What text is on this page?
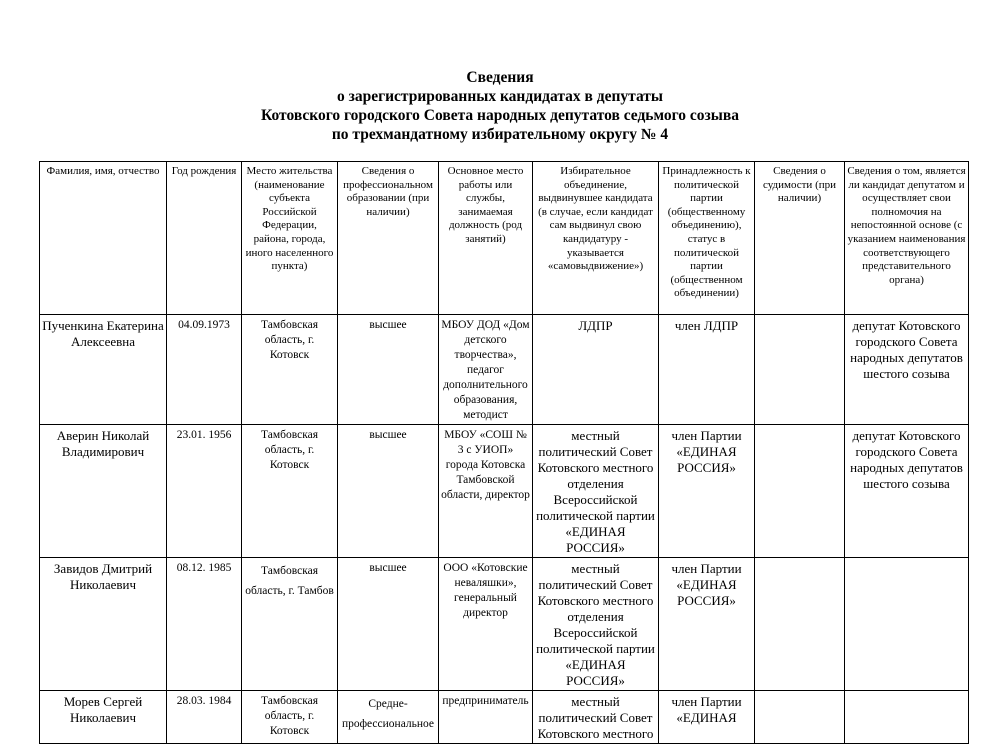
Сведения
о зарегистрированных кандидатах в депутаты
Котовского городского Совета народных депутатов седьмого созыва
по трехмандатному избирательному округу № 4
Фамилия, имя, отчество	Год рождения	Место жительства (наименование субъекта Российской Федерации, района, города, иного населенного пункта)	Сведения о профессиональном образовании (при наличии)	Основное место работы или службы, занимаемая должность (род занятий)	Избирательное объединение, выдвинувшее кандидата (в случае, если кандидат сам выдвинул свою кандидатуру - указывается «самовыдвижение»)	Принадлежность к политической партии (общественному объединению), статус в политической партии (общественном объединении)	Сведения о судимости (при наличии)	Сведения о том, является ли кандидат депутатом и осуществляет свои полномочия на непостоянной основе (с указанием наименования соответствующего представительного органа)
Пученкина Екатерина Алексеевна	04.09.1973	Тамбовская область, г. Котовск	высшее	МБОУ ДОД «Дом детского творчества», педагог дополнительного образования, методист	ЛДПР	член ЛДПР		депутат Котовского городского Совета народных депутатов шестого созыва
Аверин Николай Владимирович	23.01. 1956	Тамбовская область, г. Котовск	высшее	МБОУ «СОШ № 3 с УИОП» города Котовска Тамбовской области, директор	местный политический Совет Котовского местного отделения Всероссийской политической партии «ЕДИНАЯ РОССИЯ»	член Партии «ЕДИНАЯ РОССИЯ»		депутат Котовского городского Совета народных депутатов шестого созыва
Завидов Дмитрий Николаевич	08.12. 1985	Тамбовская область, г. Тамбов	высшее	ООО «Котовские неваляшки», генеральный директор	местный политический Совет Котовского местного отделения Всероссийской политической партии «ЕДИНАЯ РОССИЯ»	член Партии «ЕДИНАЯ РОССИЯ»		
Морев Сергей Николаевич	28.03. 1984	Тамбовская область, г. Котовск	Средне-профессиональное	предприниматель	местный политический Совет Котовского местного	член Партии «ЕДИНАЯ		
